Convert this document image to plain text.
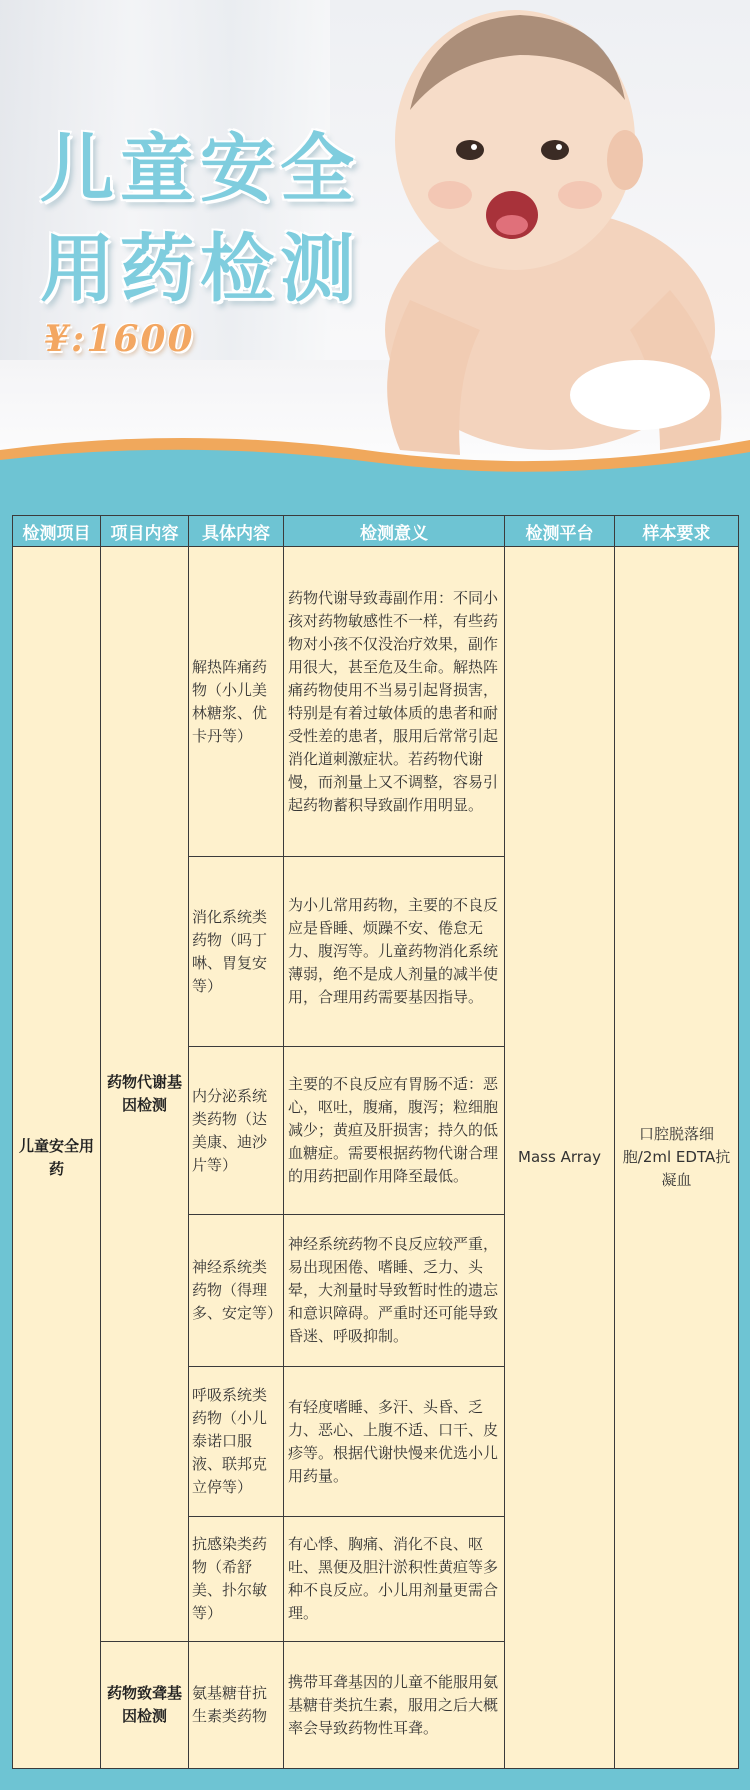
儿童安全
用药检测
¥:1600
检测项目	项目内容	具体内容	检测意义	检测平台	样本要求
儿童安全用药	药物代谢基因检测	解热阵痛药物（小儿美林糖浆、优卡丹等）	药物代谢导致毒副作用：不同小孩对药物敏感性不一样，有些药物对小孩不仅没治疗效果，副作用很大，甚至危及生命。解热阵痛药物使用不当易引起肾损害，特别是有着过敏体质的患者和耐受性差的患者，服用后常常引起消化道刺激症状。若药物代谢慢，而剂量上又不调整，容易引起药物蓄积导致副作用明显。	Mass Array	口腔脱落细胞/2ml EDTA抗凝血
		消化系统类药物（吗丁啉、胃复安等）	为小儿常用药物，主要的不良反应是昏睡、烦躁不安、倦怠无力、腹泻等。儿童药物消化系统薄弱，绝不是成人剂量的减半使用，合理用药需要基因指导。		
		内分泌系统类药物（达美康、迪沙片等）	主要的不良反应有胃肠不适：恶心，呕吐，腹痛，腹泻；粒细胞减少；黄疸及肝损害；持久的低血糖症。需要根据药物代谢合理的用药把副作用降至最低。		
		神经系统类药物（得理多、安定等）	神经系统药物不良反应较严重，易出现困倦、嗜睡、乏力、头晕，大剂量时导致暂时性的遗忘和意识障碍。严重时还可能导致昏迷、呼吸抑制。		
		呼吸系统类药物（小儿泰诺口服液、联邦克立停等）	有轻度嗜睡、多汗、头昏、乏力、恶心、上腹不适、口干、皮疹等。根据代谢快慢来优选小儿用药量。		
		抗感染类药物（希舒美、扑尔敏等）	有心悸、胸痛、消化不良、呕吐、黑便及胆汁淤积性黄疸等多种不良反应。小儿用剂量更需合理。		
	药物致聋基因检测	氨基糖苷抗生素类药物	携带耳聋基因的儿童不能服用氨基糖苷类抗生素，服用之后大概率会导致药物性耳聋。		
